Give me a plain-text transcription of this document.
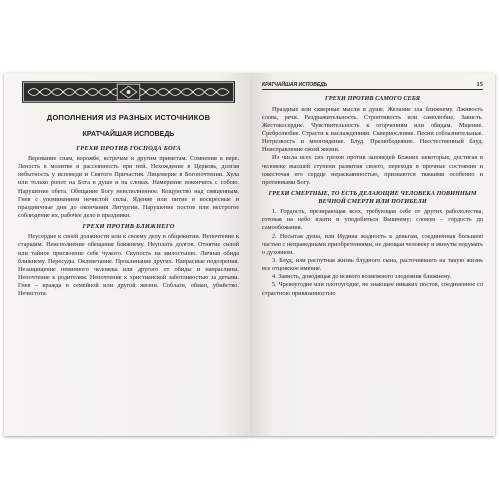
ДОПОЛНЕНИЯ ИЗ РАЗНЫХ ИСТОЧНИКОВ
КРАТЧАЙШАЯ ИСПОВЕДЬ
ГРЕХИ ПРОТИВ ГОСПОДА БОГА

Верование снам, ворожбе, встречам и другим приметам. Сомнения в вере. Леность к молитве и рассеянность при ней. Нехождение в Церковь, долгая небытность у исповеди и Святого Причастия. Лицемерие в Богопочтении. Хула или только ропот на Бога в душе и на словах. Намерение покончить с собою. Нарушение обета. Обещание Богу неисполненное. Кощунство над священным. Гнев с упоминанием нечистой силы. Ядение или питие в воскресные и праздничные дни до окончания Литургии. Нарушение постов или нестрогое соблюдение их, рабочее дело в праздники.

ГРЕХИ ПРОТИВ БЛИЖНЕГО

Неусердие к своей должности или к своему делу в общежитии. Непочтение к старшим. Неисполнение обещания ближнему. Неуплата долгов. Отнятие силой или тайное присвоение себе чужого. Скупость на милостыню. Личная обида ближнему. Пересуды. Оклеветание. Проклинание других. Напрасные подозрения. Незащищение невинного человека или другого от обиды и напраслины. Непочтение к родителям. Непочтение к христианской заботливостью за детьми. Гнев – вражда в семейной или другой жизни. Соблазн, обман, убийство. Нечистота.

КРАТЧАЙШАЯ ИСПОВЕДЬ	15
ГРЕХИ ПРОТИВ САМОГО СЕБЯ

Праздные или скверные мысли в душе. Желание зла ближнему. Лживость слова, речи. Раздражительность. Строптивость или самолюбие. Зависть. Жестокосердие. Чувствительность к огорчениям или обидам. Мщение. Сребролюбие. Страсти к наслаждениям. Сквернословие. Песни соблазнительные. Нетрезвость и многоядение. Блуд. Прелюбодеяние. Неестественный блуд. Неисправление своей жизни.

Из числа всех сих грехов против заповедей Божиих некоторые, достигая в человеке высшей ступени развития своего, переходя в прочные состояния и ожесточая его сердце нераскаянностью, признаются тяжкими особенно и противными Богу.

ГРЕХИ СМЕРТНЫЕ, ТО ЕСТЬ ДЕЛАЮЩИЕ ЧЕЛОВЕКА ПОВИННЫМ ВЕЧНОЙ СМЕРТИ ИЛИ ПОГИБЕЛИ

1. Гордость, презирающая всех, требующая себе от других рабололества, готовая на небо взыти и уподобиться Вышнему; словом – гордость до самообожания.

2. Несытая душа, или Иудина жадность к деньгам, соединенная большею частью с неправедными приобретениями, не дающая человеку и минуты подумать о духовном.

3. Блуд, или распутная жизнь блудного сына, расточившего на такую жизнь все отцовское имение.

4. Зависть, доводящая до всякого возможного злодеяния ближнему.

5. Чревоугодие или плотоугодие, не знающее никаких постов, соединенное со страстною привязанностью
